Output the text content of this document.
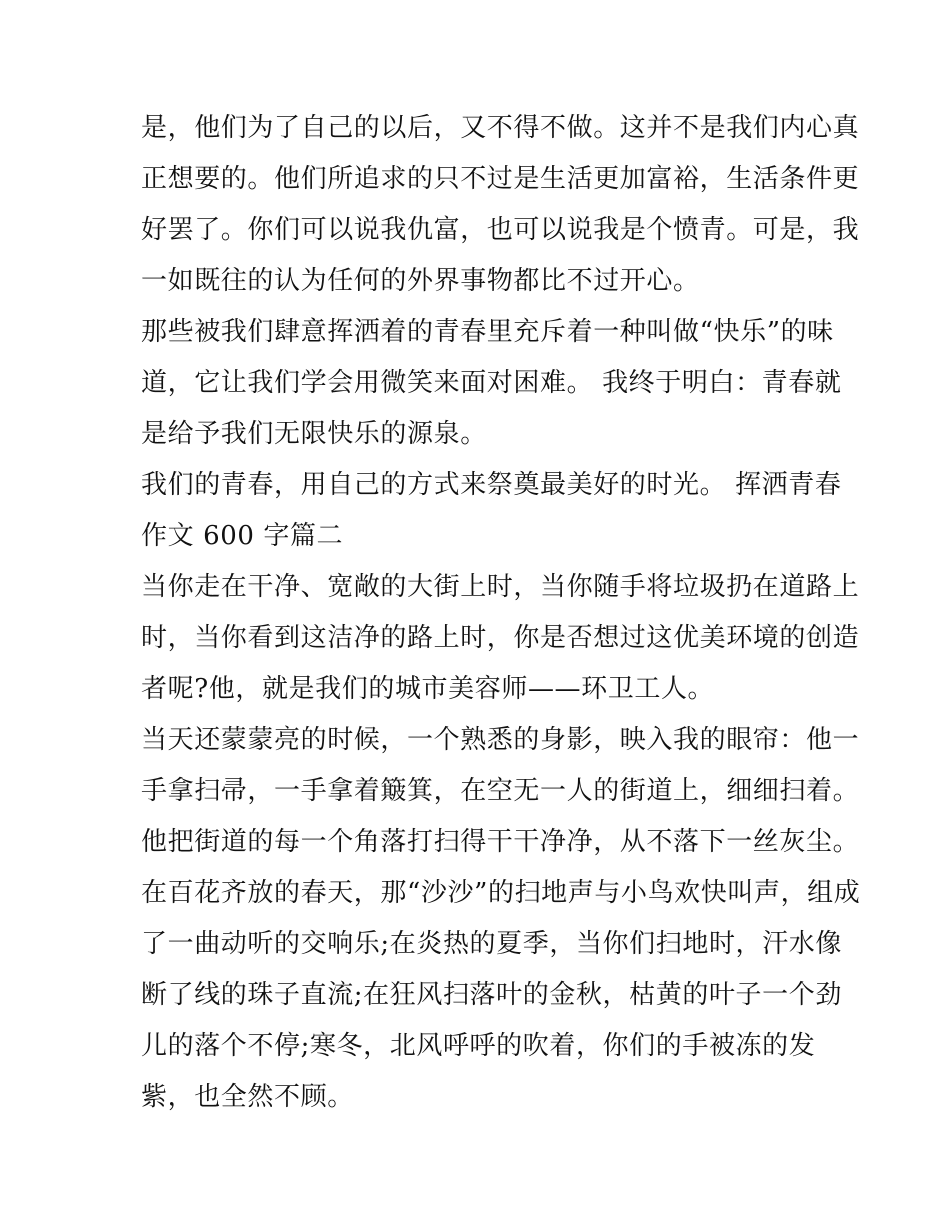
是，他们为了自己的以后，又不得不做。这并不是我们内心真
正想要的。他们所追求的只不过是生活更加富裕，生活条件更
好罢了。你们可以说我仇富，也可以说我是个愤青。可是，我
一如既往的认为任何的外界事物都比不过开心。
那些被我们肆意挥洒着的青春里充斥着一种叫做“快乐”的味
道，它让我们学会用微笑来面对困难。 我终于明白：青春就
是给予我们无限快乐的源泉。
我们的青春，用自己的方式来祭奠最美好的时光。 挥洒青春
作文 600 字篇二
当你走在干净、宽敞的大街上时，当你随手将垃圾扔在道路上
时，当你看到这洁净的路上时，你是否想过这优美环境的创造
者呢?他，就是我们的城市美容师——环卫工人。
当天还蒙蒙亮的时候，一个熟悉的身影，映入我的眼帘：他一
手拿扫帚，一手拿着簸箕，在空无一人的街道上，细细扫着。
他把街道的每一个角落打扫得干干净净，从不落下一丝灰尘。
在百花齐放的春天，那“沙沙”的扫地声与小鸟欢快叫声，组成
了一曲动听的交响乐;在炎热的夏季，当你们扫地时，汗水像
断了线的珠子直流;在狂风扫落叶的金秋，枯黄的叶子一个劲
儿的落个不停;寒冬，北风呼呼的吹着，你们的手被冻的发
紫，也全然不顾。
